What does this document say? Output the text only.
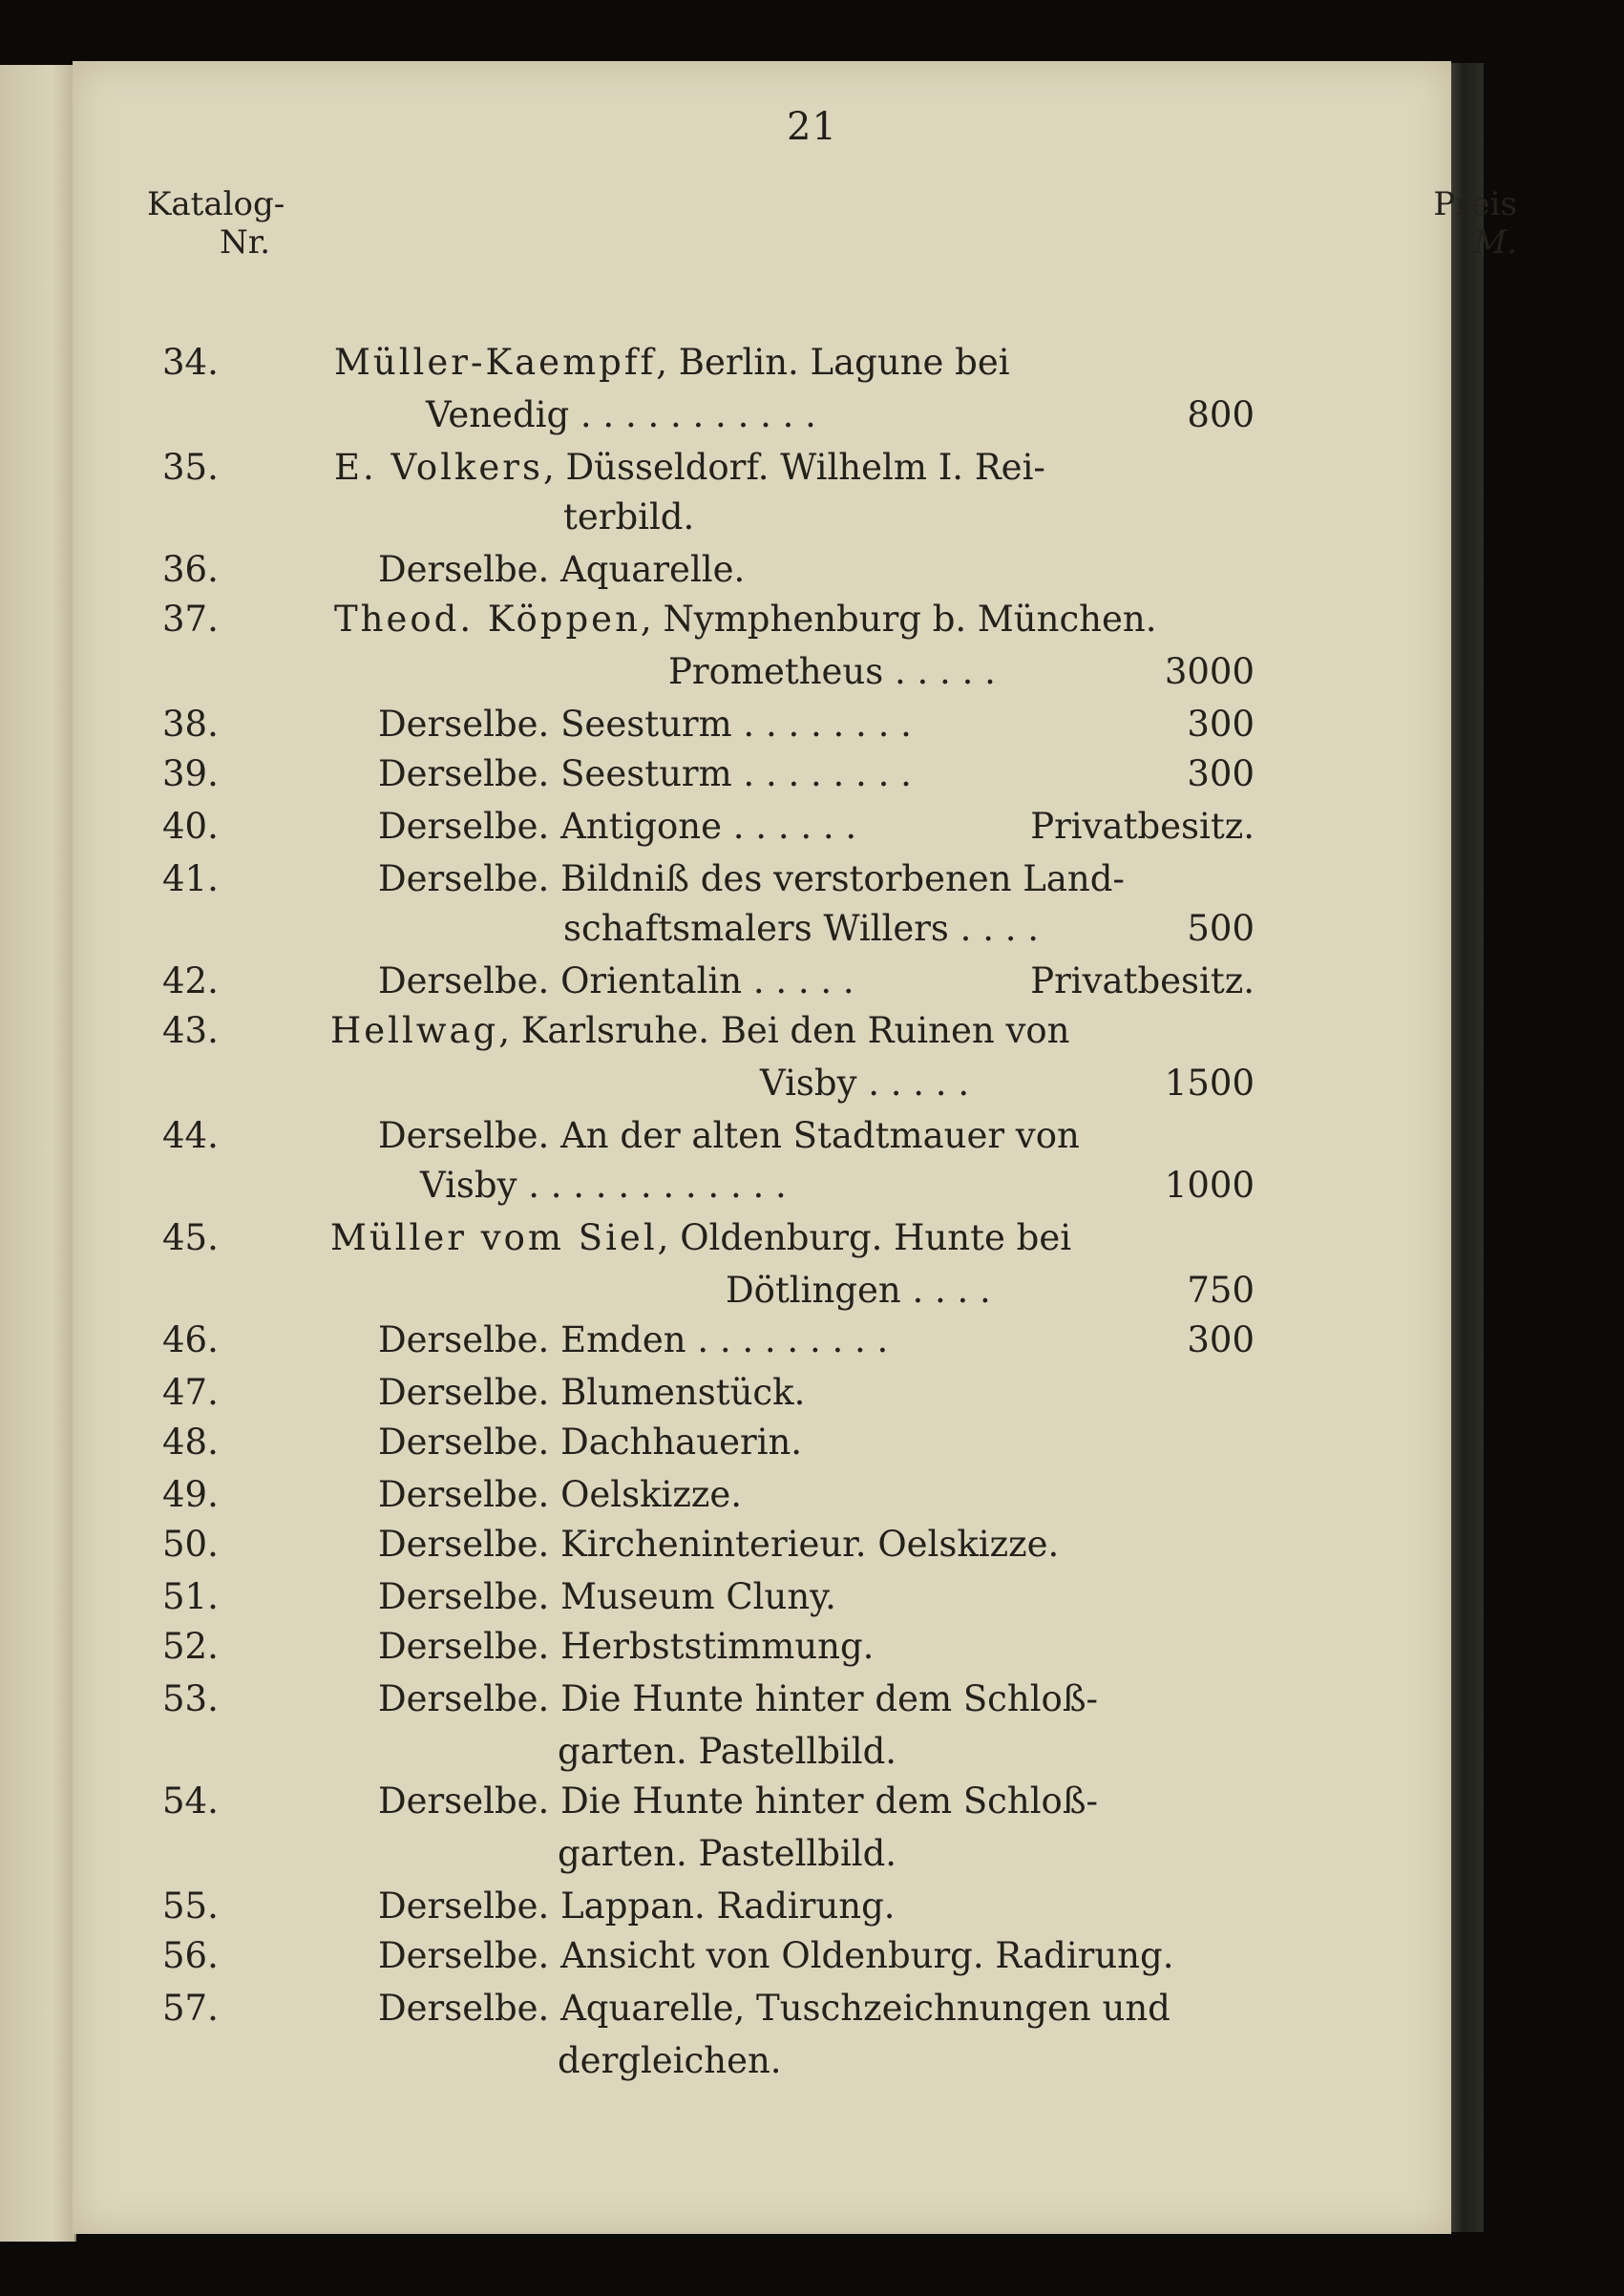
21
Katalog-
Nr.
Preis
M.
34.	Müller-Kaempff, Berlin. Lagune bei
Venedig . . . . . . . . . . .	800
35.	E. Volkers, Düsseldorf. Wilhelm I. Rei-
terbild.
36.	Derselbe. Aquarelle.
37.	Theod. Köppen, Nymphenburg b. München.
Prometheus . . . . .	3000
38.	Derselbe. Seesturm . . . . . . . .	300
39.	Derselbe. Seesturm . . . . . . . .	300
40.	Derselbe. Antigone . . . . . .	Privatbesitz.
41.	Derselbe. Bildniß des verstorbenen Land-
schaftsmalers Willers . . . .	500
42.	Derselbe. Orientalin . . . . .	Privatbesitz.
43.	Hellwag, Karlsruhe. Bei den Ruinen von
Visby . . . . .	1500
44.	Derselbe. An der alten Stadtmauer von
Visby . . . . . . . . . . . .	1000
45.	Müller vom Siel, Oldenburg. Hunte bei
Dötlingen . . . .	750
46.	Derselbe. Emden . . . . . . . . .	300
47.	Derselbe. Blumenstück.
48.	Derselbe. Dachhauerin.
49.	Derselbe. Oelskizze.
50.	Derselbe. Kircheninterieur. Oelskizze.
51.	Derselbe. Museum Cluny.
52.	Derselbe. Herbststimmung.
53.	Derselbe. Die Hunte hinter dem Schloß-
garten. Pastellbild.
54.	Derselbe. Die Hunte hinter dem Schloß-
garten. Pastellbild.
55.	Derselbe. Lappan. Radirung.
56.	Derselbe. Ansicht von Oldenburg. Radirung.
57.	Derselbe. Aquarelle, Tuschzeichnungen und
dergleichen.
